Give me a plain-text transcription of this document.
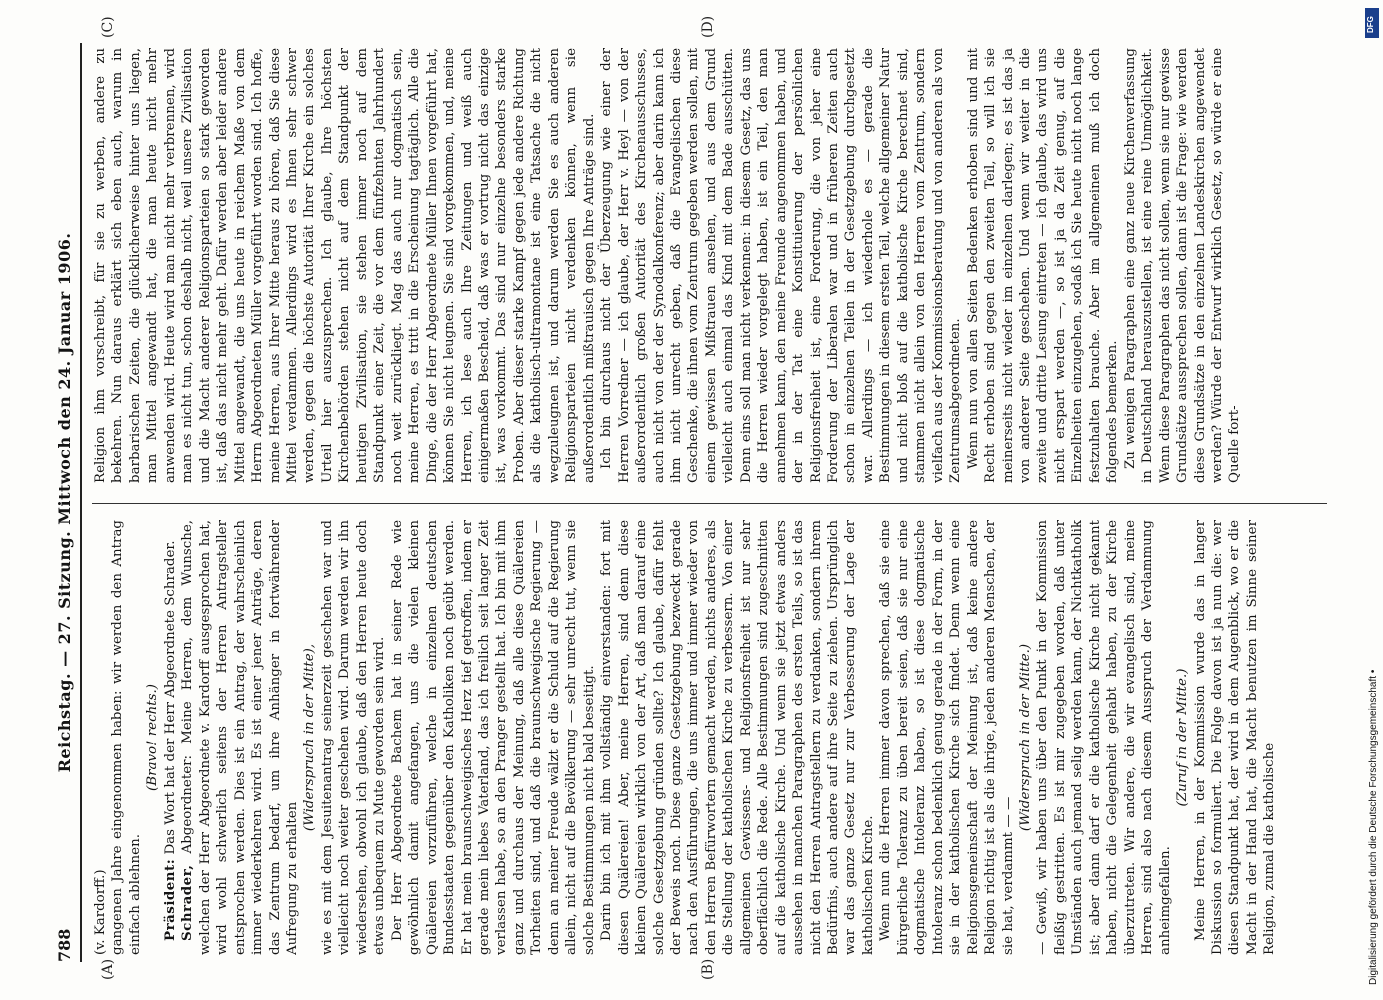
788
Reichstag. — 27. Sitzung. Mittwoch den 24. Januar 1906.

(v. Kardorff.) gangenen Jahre eingenommen haben: wir werden den Antrag einfach ablehnen.

(Bravo! rechts.)

Präsident: Das Wort hat der Herr Abgeordnete Schrader.

Schrader, Abgeordneter: Meine Herren, dem Wunsche, welchen der Herr Abgeordnete v. Kardorff ausgesprochen hat, wird wohl schwerlich seitens der Herren Antragsteller entsprochen werden. Dies ist ein Antrag, der wahrscheinlich immer wiederkehren wird. Es ist einer jener Anträge, deren das Zentrum bedarf, um ihre Anhänger in fortwährender Aufregung zu erhalten

(Widerspruch in der Mitte), wie es mit dem Jesuitenantrag seinerzeit geschehen war und vielleicht noch weiter geschehen wird. Darum werden wir ihn wiedersehen, obwohl ich glaube, daß den Herren heute doch etwas unbequem zu Mute geworden sein wird. Der Herr Abgeordnete Bachem hat in seiner Rede wie gewöhnlich damit angefangen, uns die vielen kleinen Quälereien vorzuführen, welche in einzelnen deutschen Bundesstaaten gegenüber den Katholiken noch geübt werden. Er hat mein braunschweigisches Herz tief getroffen, indem er gerade mein liebes Vaterland, das ich freilich seit langer Zeit verlassen habe, so an den Pranger gestellt hat. Ich bin mit ihm ganz und durchaus der Meinung, daß alle diese Quälereien Torheiten sind, und daß die braunschweigische Regierung — denn an meiner Freude wälzt er die Schuld auf die Regierung allein, nicht auf die Bevölkerung — sehr unrecht tut, wenn sie solche Bestimmungen nicht bald beseitigt. Darin bin ich mit ihm vollständig einverstanden: fort mit diesen Quälereien! Aber, meine Herren, sind denn diese kleinen Quälereien wirklich von der Art, daß man darauf eine solche Gesetzgebung gründen sollte? Ich glaube, dafür fehlt der Beweis noch. Diese ganze Gesetzgebung bezweckt gerade nach den Ausführungen, die uns immer und immer wieder von den Herren Befürwortern gemacht werden, nichts anderes, als die Stellung der katholischen Kirche zu verbessern. Von einer allgemeinen Gewissens- und Religionsfreiheit ist nur sehr oberflächlich die Rede. Alle Bestimmungen sind zugeschnitten auf die katholische Kirche. Und wenn sie jetzt etwas anders aussehen in manchen Paragraphen des ersten Teils, so ist das nicht den Herren Antragstellern zu verdanken, sondern ihrem Bedürfnis, auch andere auf ihre Seite zu ziehen. Ursprünglich war das ganze Gesetz nur zur Verbesserung der Lage der katholischen Kirche. Wenn nun die Herren immer davon sprechen, daß sie eine bürgerliche Toleranz zu üben bereit seien, daß sie nur eine dogmatische Intoleranz haben, so ist diese dogmatische Intoleranz schon bedenklich genug gerade in der Form, in der sie in der katholischen Kirche sich findet. Denn wenn eine Religionsgemeinschaft der Meinung ist, daß keine andere Religion richtig ist als die ihrige, jeden anderen Menschen, der sie hat, verdammt — —

(Widerspruch in der Mitte.) — Gewiß, wir haben uns über den Punkt in der Kommission fleißig gestritten. Es ist mir zugegeben worden, daß unter Umständen auch jemand selig werden kann, der Nichtkatholik ist; aber dann darf er die katholische Kirche nicht gekannt haben, nicht die Gelegenheit gehabt haben, zu der Kirche überzutreten. Wir andere, die wir evangelisch sind, meine Herren, sind also nach diesem Ausspruch der Verdammung anheimgefallen.

(Zuruf in der Mitte.) Meine Herren, in der Kommission wurde das in langer Diskussion so formuliert. Die Folge davon ist ja nun die: wer diesen Standpunkt hat, der wird in dem Augenblick, wo er die Macht in der Hand hat, die Macht benutzen im Sinne seiner Religion, zumal die katholische

Religion ihm vorschreibt, für sie zu werben, andere zu bekehren. Nun daraus erklärt sich eben auch, warum in barbarischen Zeiten, die glücklicherweise hinter uns liegen, man Mittel angewandt hat, die man heute nicht mehr anwenden wird. Heute wird man nicht mehr verbrennen, wird man es nicht tun, schon deshalb nicht, weil unsere Zivilisation und die Macht anderer Religionsparteien so stark geworden ist, daß das nicht mehr geht. Dafür werden aber leider andere Mittel angewandt, die uns heute in reichem Maße von dem Herrn Abgeordneten Müller vorgeführt worden sind. Ich hoffe, meine Herren, aus Ihrer Mitte heraus zu hören, daß Sie diese Mittel verdammen. Allerdings wird es Ihnen sehr schwer werden, gegen die höchste Autorität Ihrer Kirche ein solches Urteil hier auszusprechen. Ich glaube, Ihre höchsten Kirchenbehörden stehen nicht auf dem Standpunkt der heutigen Zivilisation, sie stehen immer noch auf dem Standpunkt einer Zeit, die vor dem fünfzehnten Jahrhundert noch weit zurückliegt. Mag das auch nur dogmatisch sein, meine Herren, es tritt in die Erscheinung tagtäglich. Alle die Dinge, die der Herr Abgeordnete Müller Ihnen vorgeführt hat, können Sie nicht leugnen. Sie sind vorgekommen, und, meine Herren, ich lese auch Ihre Zeitungen und weiß auch einigermaßen Bescheid, daß was er vortrug nicht das einzige ist, was vorkommt. Das sind nur einzelne besonders starke Proben. Aber dieser starke Kampf gegen jede andere Richtung als die katholisch-ultramontane ist eine Tatsache die nicht wegzuleugnen ist, und darum werden Sie es auch anderen Religionsparteien nicht verdenken können, wenn sie außerordentlich mißtrauisch gegen Ihre Anträge sind. Ich bin durchaus nicht der Überzeugung wie einer der Herren Vorredner — ich glaube, der Herr v. Heyl — von der außerordentlich großen Autorität des Kirchenausschusses, auch nicht von der der Synodalkonferenz; aber darin kann ich ihm nicht unrecht geben, daß die Evangelischen diese Geschenke, die ihnen vom Zentrum gegeben werden sollen, mit einem gewissen Mißtrauen ansehen, und aus dem Grund vielleicht auch einmal das Kind mit dem Bade ausschütten. Denn eins soll man nicht verkennen: in diesem Gesetz, das uns die Herren wieder vorgelegt haben, ist ein Teil, den man annehmen kann, den meine Freunde angenommen haben, und der in der Tat eine Konstituierung der persönlichen Religionsfreiheit ist, eine Forderung, die von jeher eine Forderung der Liberalen war und in früheren Zeiten auch schon in einzelnen Teilen in der Gesetzgebung durchgesetzt war. Allerdings — ich wiederhole es — gerade die Bestimmungen in diesem ersten Teil, welche allgemeiner Natur und nicht bloß auf die katholische Kirche berechnet sind, stammen nicht allein von den Herren vom Zentrum, sondern vielfach aus der Kommissionsberatung und von anderen als von Zentrumsabgeordneten. Wenn nun von allen Seiten Bedenken erhoben sind und mit Recht erhoben sind gegen den zweiten Teil, so will ich sie meinerseits nicht wieder im einzelnen darlegen; es ist das ja von anderer Seite geschehen. Und wenn wir weiter in die zweite und dritte Lesung eintreten — ich glaube, das wird uns nicht erspart werden —, so ist ja da Zeit genug, auf die Einzelheiten einzugehen, sodaß ich Sie heute nicht noch lange festzuhalten brauche. Aber im allgemeinen muß ich doch folgendes bemerken. Zu wenigen Paragraphen eine ganz neue Kirchenverfassung in Deutschland herauszustellen, ist eine reine Unmöglichkeit. Wenn diese Paragraphen das nicht sollen, wenn sie nur gewisse Grundsätze aussprechen sollen, dann ist die Frage: wie werden diese Grundsätze in den einzelnen Landeskirchen angewendet werden? Würde der Entwurf wirklich Gesetz, so würde er eine Quelle fort-

(A)	(B)
(C)	(D)
Digitalisierung gefördert durch die Deutsche Forschungsgemeinschaft •
DFG
